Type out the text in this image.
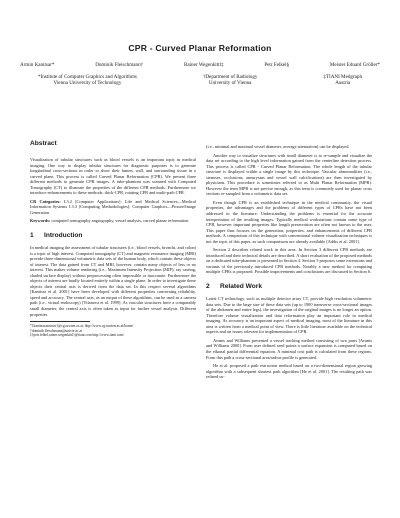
CPR - Curved Planar Reformation
Armin Kanitsar*	Dominik Fleischmann†	Rainer Wegenkittl‡	Petr Felkel§	Meister Eduard Gröller*
*Institute of Computer Graphics and Algorithms
Vienna University of Technology
†Department of Radiology
University of Vienna
‡TIANI Medgraph
Austria
Abstract

Visualization of tubular structures such as blood vessels is an important topic in medical imaging. One way to display tubular structures for diagnostic purposes is to generate longitudinal cross-sections in order to show their lumen, wall, and surrounding tissue in a curved plane. This process is called Curved Planar Reformation (CPR). We present three different methods to generate CPR images. A tube-phantom was scanned with Computed Tomography (CT) to illustrate the properties of the different CPR methods. Furthermore we introduce enhancements to these methods: thick-CPR, rotating CPR and multi-path CPR.

CR Categories: I.3.2 [Computer Applications]: Life and Medical Sciences—Medical Information Systems I.3.3 [Computing Methodologies]: Computer Graphics—Picture/Image Generation

Keywords: computed tomography angiography, vessel analysis, curved planar reformation

1 Introduction

In medical imaging the assessment of tubular structures (i.e., blood vessels, bronchi, and colon) is a topic of high interest. Computed tomography (CT) and magnetic resonance imaging (MRI) provide three-dimensional volumetric data sets of the human body, which contain these objects of interest. The data gained from CT and MRI, however, contain many objects of less or no interest. This makes volume rendering (i.e., Maximum Intensity Projection (MIP), ray casting, shaded surface display) without preprocessing often impossible or inaccurate. Furthermore the objects of interest are hardly located entirely within a single plane. In order to investigate these objects their central axis is derived from the data set. In this respect several algorithms [Kanitsar et al. 2001] have been developed with different properties concerning reliability, speed and accuracy. The central axis, as an output of these algorithms, can be used as a camera path (i.e., virtual endoscopy) [Vilanova et al. 1999]. As vascular structures have a comparably small diameter, the central axis is often taken as input for further vessel analysis. Different properties

*{kanitsar,meister}@cg.tuwien.ac.at, http://www.cg.tuwien.ac.at/home/
†dominik.fleischmann@univie.ac.at
‡{petr.felkel,rainer.wegenkittl}@tiani.com http://www.tiani.com/

(i.e., minimal and maximal vessel diameter, average attenuation) can be displayed.

Another way to visualize structures with small diameter is to re-sample and visualize the data set according to the high level information gained from the centerline detection process. This process is called CPR - Curved Planar Reformation. The whole length of the tubular structure is displayed within a single image by this technique. Vascular abnormalities (i.e., stenoses, occlusions, aneurysms and vessel wall calcifications) are then investigated by physicians. This procedure is sometimes referred to as Multi Planar Reformation (MPR). However the term MPR is not precise enough, as this term is commonly used for planar cross sections re-sampled from a volumetric data set.

Even though CPR is an established technique in the medical community, the visual properties, the advantages and the problems of different types of CPRs have not been addressed in the literature. Understanding the problems is essential for the accurate interpretation of the resulting images. Typically medical workstations contain some type of CPR, however important properties like length preservation are often not known to the user. This paper thus focuses on the generation, properties, and enhancements of different CPR methods. A comparison of this technique with conventional volume visualization techniques is not the topic of this paper, as such comparisons are already available [Addis et al. 2001].

Section 2 describes related work in this area. In Section 3 different CPR methods are introduced and their technical details are described. A short evaluation of the proposed methods on a dedicated tube-phantom is presented in Section 4. Section 5 proposes some extensions and variants of the previously introduced CPR methods. Notably a new method for computing multiple CPRs is proposed. Possible improvements and conclusions are discussed in Section 6.

2 Related Work

Latest CT technology, such as multiple detector array CT, provide high resolution volumetric data sets. Due to the large size of these data sets (up to 1900 transverse cross-sectional images of the abdomen and entire legs), the investigation of the original images is no longer an option. Therefore volume visualization and data reformation play an important role in medical imaging. As accuracy is an important aspect of medical imaging, most of the literature in this area is written from a medical point of view. There is little literature available on the technical aspects and on issues relevant for implementation of CPR.

Avants and Williams presented a vessel tracking method consisting of two parts [Avants and Williams 2000]. From user defined seed points a surface expansion is computed based on the eikonal partial differential equation. A minimal cost path is calculated from these regions. From this path a cross-sectional area/radius profile is generated.

He et al. proposed a path extraction method based on a two-dimensional region growing algorithm with a subsequent shortest path algorithm [He et al. 2001]. The resulting path was refined us-
